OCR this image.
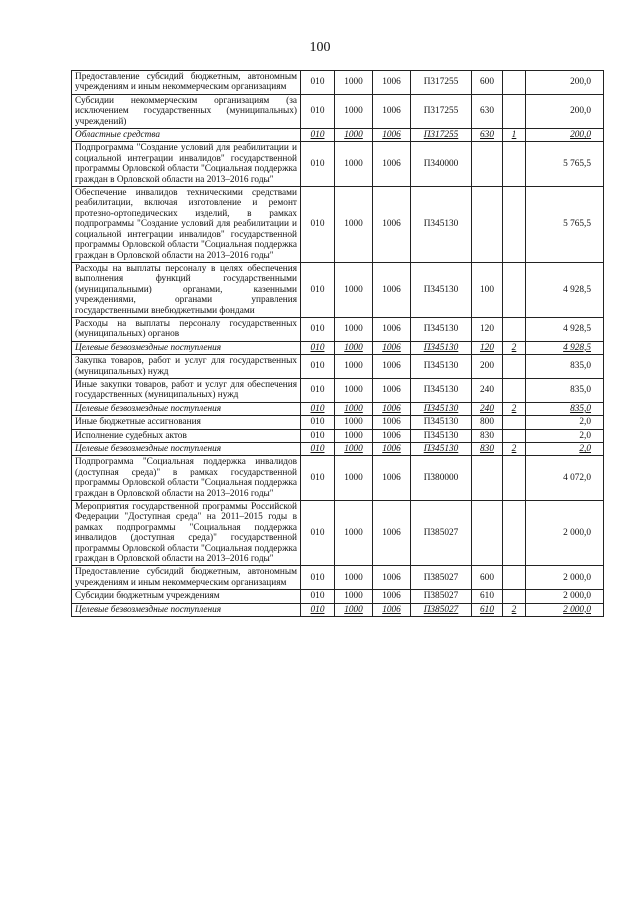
100
Предоставление субсидий бюджетным, автономным учреждениям и иным некоммерческим организациям	010	1000	1006	П317255	600		200,0
Субсидии некоммерческим организациям (за исключением государственных (муниципальных) учреждений)	010	1000	1006	П317255	630		200,0
Областные средства	010	1000	1006	П317255	630	1	200,0
Подпрограмма "Создание условий для реабилитации и социальной интеграции инвалидов" государственной программы Орловской области "Социальная поддержка граждан в Орловской области на 2013–2016 годы"	010	1000	1006	П340000			5 765,5
Обеспечение инвалидов техническими средствами реабилитации, включая изготовление и ремонт протезно-ортопедических изделий, в рамках подпрограммы "Создание условий для реабилитации и социальной интеграции инвалидов" государственной программы Орловской области "Социальная поддержка граждан в Орловской области на 2013–2016 годы"	010	1000	1006	П345130			5 765,5
Расходы на выплаты персоналу в целях обеспечения выполнения функций государственными (муниципальными) органами, казенными учреждениями, органами управления государственными внебюджетными фондами	010	1000	1006	П345130	100		4 928,5
Расходы на выплаты персоналу государственных (муниципальных) органов	010	1000	1006	П345130	120		4 928,5
Целевые безвозмездные поступления	010	1000	1006	П345130	120	2	4 928,5
Закупка товаров, работ и услуг для государственных (муниципальных) нужд	010	1000	1006	П345130	200		835,0
Иные закупки товаров, работ и услуг для обеспечения государственных (муниципальных) нужд	010	1000	1006	П345130	240		835,0
Целевые безвозмездные поступления	010	1000	1006	П345130	240	2	835,0
Иные бюджетные ассигнования	010	1000	1006	П345130	800		2,0
Исполнение судебных актов	010	1000	1006	П345130	830		2,0
Целевые безвозмездные поступления	010	1000	1006	П345130	830	2	2,0
Подпрограмма "Социальная поддержка инвалидов (доступная среда)" в рамках государственной программы Орловской области "Социальная поддержка граждан в Орловской области на 2013–2016 годы"	010	1000	1006	П380000			4 072,0
Мероприятия государственной программы Российской Федерации "Доступная среда" на 2011–2015 годы в рамках подпрограммы "Социальная поддержка инвалидов (доступная среда)" государственной программы Орловской области "Социальная поддержка граждан в Орловской области на 2013–2016 годы"	010	1000	1006	П385027			2 000,0
Предоставление субсидий бюджетным, автономным учреждениям и иным некоммерческим организациям	010	1000	1006	П385027	600		2 000,0
Субсидии бюджетным учреждениям	010	1000	1006	П385027	610		2 000,0
Целевые безвозмездные поступления	010	1000	1006	П385027	610	2	2 000,0
